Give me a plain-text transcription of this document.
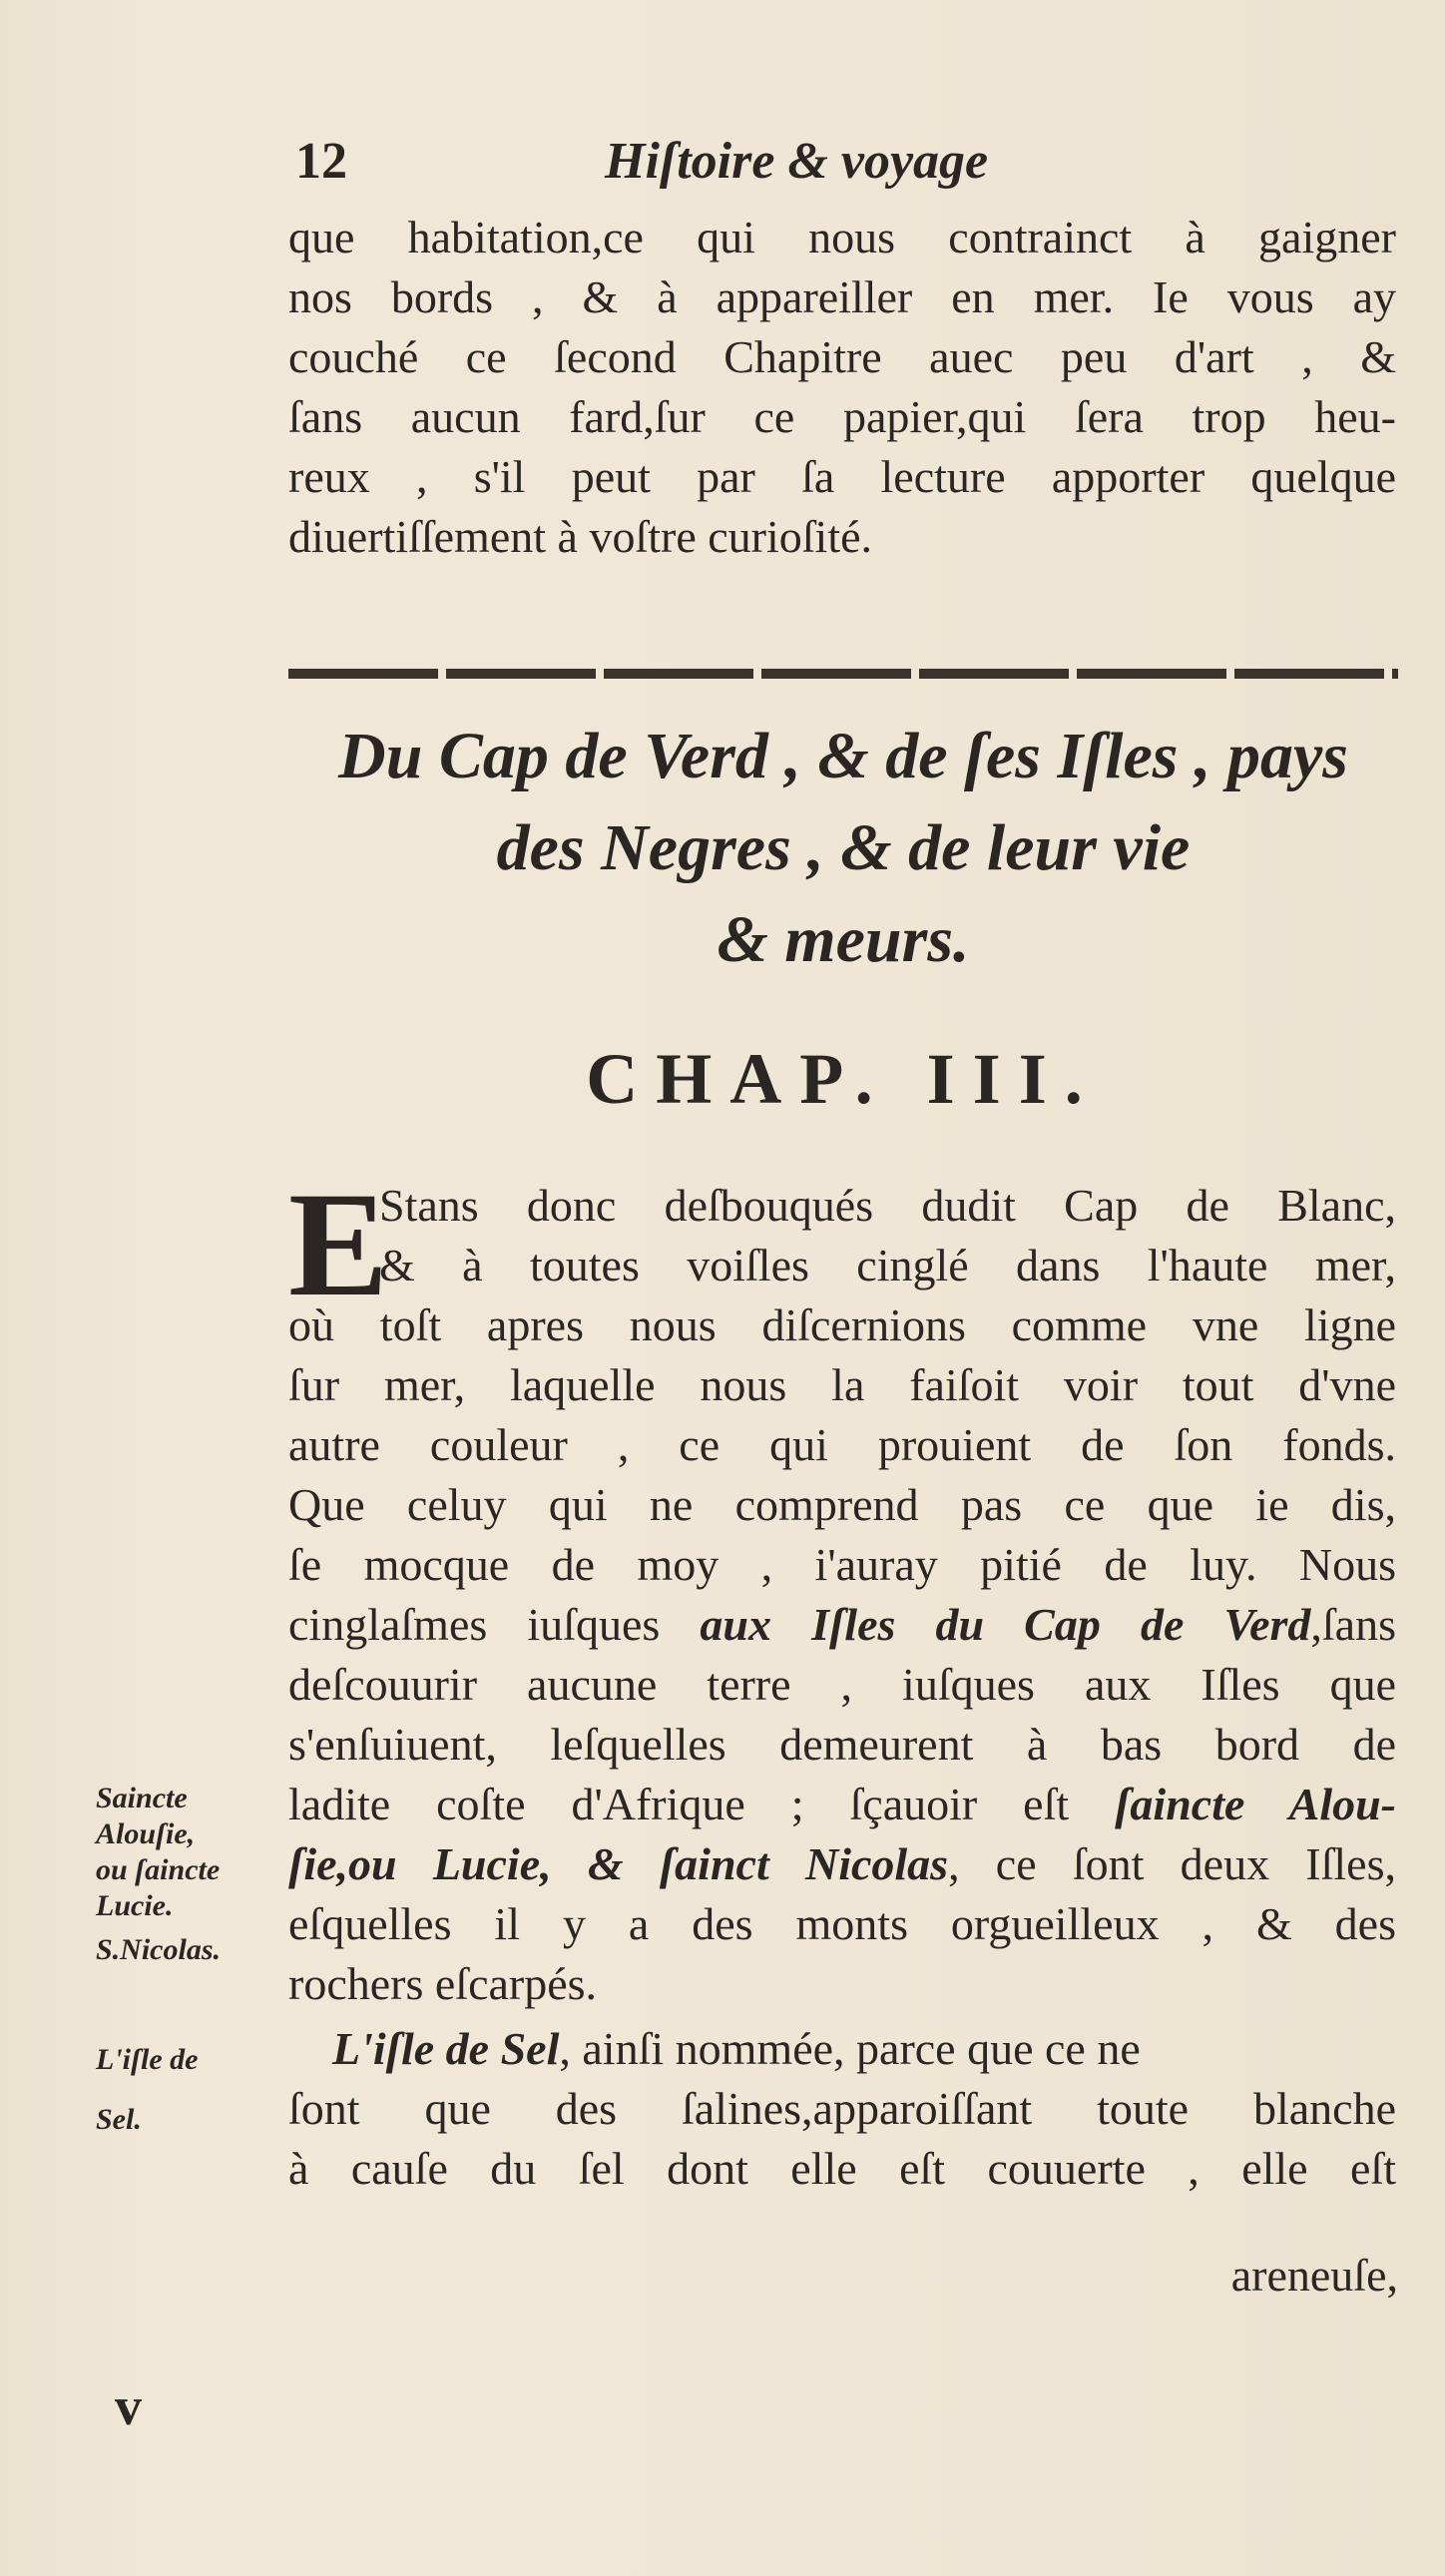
12	Hiſtoire & voyage
que habitation,ce qui nous contrainct à gaigner
nos bords , & à appareiller en mer. Ie vous ay
couché ce ſecond Chapitre auec peu d'art , &
ſans aucun fard,ſur ce papier,qui ſera trop heu-
reux , s'il peut par ſa lecture apporter quelque
diuertiſſement à voſtre curioſité.
Du Cap de Verd , & de ſes Iſles , pays
des Negres , & de leur vie
& meurs.
CHAP. III.
E
Stans donc deſbouqués dudit Cap de Blanc,
& à toutes voiſles cinglé dans l'haute mer,
où toſt apres nous diſcernions comme vne ligne
ſur mer, laquelle nous la faiſoit voir tout d'vne
autre couleur , ce qui prouient de ſon fonds.
Que celuy qui ne comprend pas ce que ie dis,
ſe mocque de moy , i'auray pitié de luy. Nous
cinglaſmes iuſques aux Iſles du Cap de Verd,ſans
deſcouurir aucune terre , iuſques aux Iſles que
s'enſuiuent, leſquelles demeurent à bas bord de
ladite coſte d'Afrique ; ſçauoir eſt ſaincte Alou-
ſie,ou Lucie, & ſainct Nicolas, ce ſont deux Iſles,
eſquelles il y a des monts orgueilleux , & des
rochers eſcarpés.
L'iſle de Sel, ainſi nommée, parce que ce ne
ſont que des ſalines,apparoiſſant toute blanche
à cauſe du ſel dont elle eſt couuerte , elle eſt
areneuſe,
Saincte
Alouſie,
ou ſaincte
Lucie.
S.Nicolas.
L'iſle de
Sel.
v
